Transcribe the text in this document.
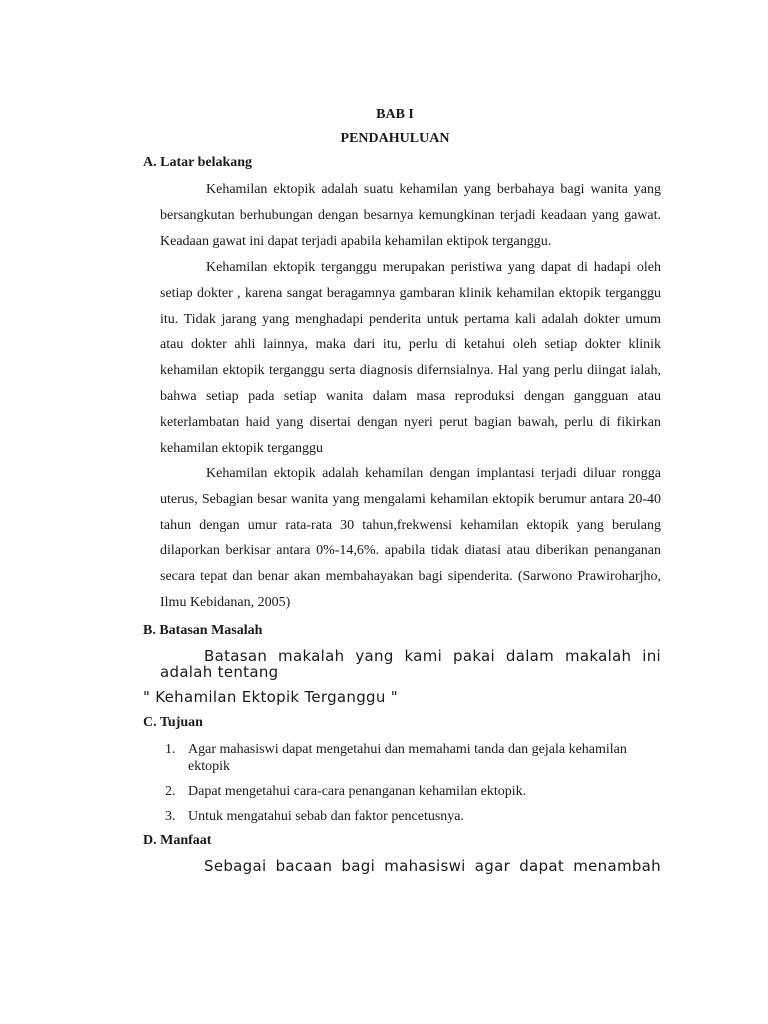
BAB I
PENDAHULUAN
A. Latar belakang

Kehamilan ektopik adalah suatu kehamilan yang berbahaya bagi wanita yang bersangkutan berhubungan dengan besarnya kemungkinan terjadi keadaan yang gawat. Keadaan gawat ini dapat terjadi apabila kehamilan ektipok terganggu.

Kehamilan ektopik terganggu merupakan peristiwa yang dapat di hadapi oleh setiap dokter , karena sangat beragamnya gambaran klinik kehamilan ektopik terganggu itu. Tidak jarang yang menghadapi penderita untuk pertama kali adalah dokter umum atau dokter ahli lainnya, maka dari itu, perlu di ketahui oleh setiap dokter klinik kehamilan ektopik terganggu serta diagnosis difernsialnya. Hal yang perlu diingat ialah, bahwa setiap pada setiap wanita dalam masa reproduksi dengan gangguan atau keterlambatan haid yang disertai dengan nyeri perut bagian bawah, perlu di fikirkan kehamilan ektopik terganggu

Kehamilan ektopik adalah kehamilan dengan implantasi terjadi diluar rongga uterus, Sebagian besar wanita yang mengalami kehamilan ektopik berumur antara 20-40 tahun dengan umur rata-rata 30 tahun,frekwensi kehamilan ektopik yang berulang dilaporkan berkisar antara 0%-14,6%. apabila tidak diatasi atau diberikan penanganan secara tepat dan benar akan membahayakan bagi sipenderita. (Sarwono Prawiroharjho, Ilmu Kebidanan, 2005)

B. Batasan Masalah

Batasan makalah yang kami pakai dalam makalah ini adalah tentang

" Kehamilan Ektopik Terganggu "
C. Tujuan
1. Agar mahasiswi dapat mengetahui dan memahami tanda dan gejala kehamilan ektopik
2. Dapat mengetahui cara-cara penanganan kehamilan ektopik.
3. Untuk mengatahui sebab dan faktor pencetusnya.
D. Manfaat

Sebagai bacaan bagi mahasiswi agar dapat menambah
